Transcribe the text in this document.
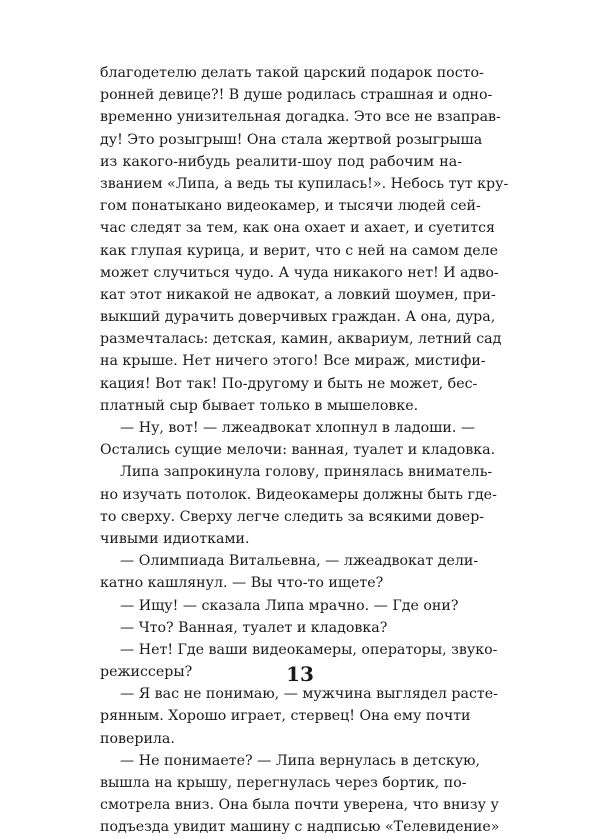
благодетелю делать такой царский подарок посто-
ронней девице?! В душе родилась страшная и одно-
временно унизительная догадка. Это все не взаправ-
ду! Это розыгрыш! Она стала жертвой розыгрыша
из какого-нибудь реалити-шоу под рабочим на-
званием «Липа, а ведь ты купилась!». Небось тут кру-
гом понатыкано видеокамер, и тысячи людей сей-
час следят за тем, как она охает и ахает, и суетится
как глупая курица, и верит, что с ней на самом деле
может случиться чудо. А чуда никакого нет! И адво-
кат этот никакой не адвокат, а ловкий шоумен, при-
выкший дурачить доверчивых граждан. А она, дура,
размечталась: детская, камин, аквариум, летний сад
на крыше. Нет ничего этого! Все мираж, мистифи-
кация! Вот так! По-другому и быть не может, бес-
платный сыр бывает только в мышеловке.
— Ну, вот! — лжеадвокат хлопнул в ладоши. —
Остались сущие мелочи: ванная, туалет и кладовка.
Липа запрокинула голову, принялась вниматель-
но изучать потолок. Видеокамеры должны быть где-
то сверху. Сверху легче следить за всякими довер-
чивыми идиотками.
— Олимпиада Витальевна, — лжеадвокат дели-
катно кашлянул. — Вы что-то ищете?
— Ищу! — сказала Липа мрачно. — Где они?
— Что? Ванная, туалет и кладовка?
— Нет! Где ваши видеокамеры, операторы, звуко-
режиссеры?
— Я вас не понимаю, — мужчина выглядел расте-
рянным. Хорошо играет, стервец! Она ему почти
поверила.
— Не понимаете? — Липа вернулась в детскую,
вышла на крышу, перегнулась через бортик, по-
смотрела вниз. Она была почти уверена, что внизу у
подъезда увидит машину с надписью «Телевидение»
13
